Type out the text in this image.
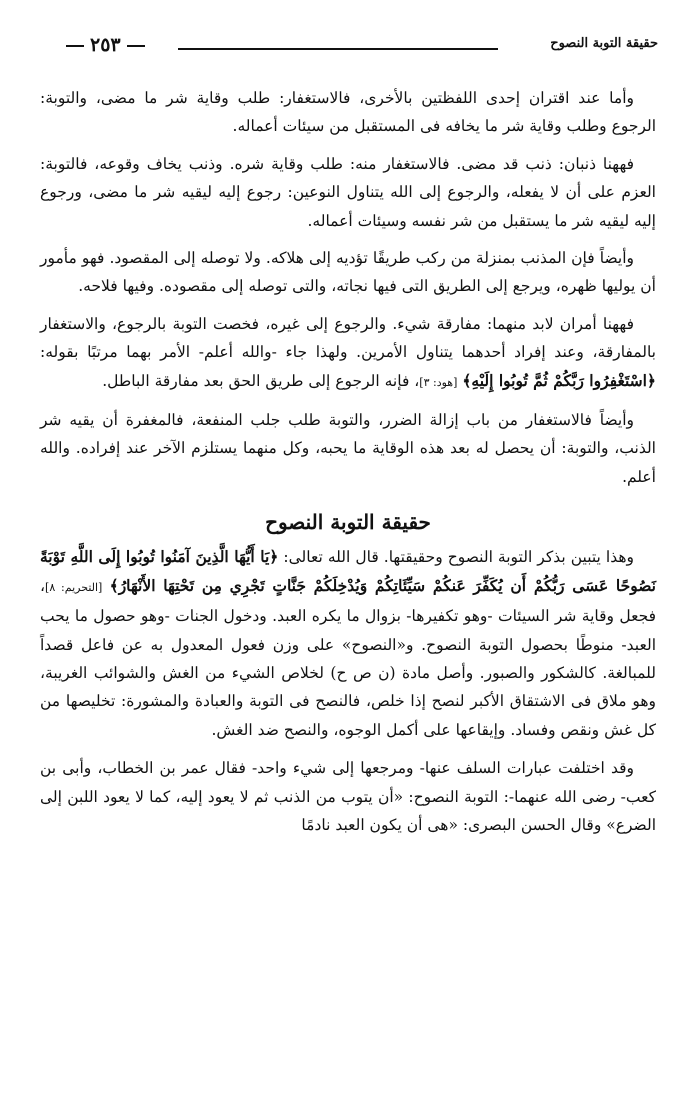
حقيقة التوبة النصوح
٢٥٣

وأما عند اقتران إحدى اللفظتين بالأخرى، فالاستغفار: طلب وقاية شر ما مضى، والتوبة: الرجوع وطلب وقاية شر ما يخافه فى المستقبل من سيئات أعماله.

فههنا ذنبان: ذنب قد مضى. فالاستغفار منه: طلب وقاية شره. وذنب يخاف وقوعه، فالتوبة: العزم على أن لا يفعله، والرجوع إلى الله يتناول النوعين: رجوع إليه ليقيه شر ما مضى، ورجوع إليه ليقيه شر ما يستقبل من شر نفسه وسيئات أعماله.

وأيضاً فإن المذنب بمنزلة من ركب طريقًا تؤديه إلى هلاكه. ولا توصله إلى المقصود. فهو مأمور أن يوليها ظهره، ويرجع إلى الطريق التى فيها نجاته، والتى توصله إلى مقصوده. وفيها فلاحه.

فههنا أمران لابد منهما: مفارقة شيء. والرجوع إلى غيره، فخصت التوبة بالرجوع، والاستغفار بالمفارقة، وعند إفراد أحدهما يتناول الأمرين. ولهذا جاء -والله أعلم- الأمر بهما مرتبًا بقوله: ﴿اسْتَغْفِرُوا رَبَّكُمْ ثُمَّ تُوبُوا إِلَيْهِ﴾ [هود: ٣]، فإنه الرجوع إلى طريق الحق بعد مفارقة الباطل.

وأيضاً فالاستغفار من باب إزالة الضرر، والتوبة طلب جلب المنفعة، فالمغفرة أن يقيه شر الذنب، والتوبة: أن يحصل له بعد هذه الوقاية ما يحبه، وكل منهما يستلزم الآخر عند إفراده. والله أعلم.

حقيقة التوبة النصوح

وهذا يتبين بذكر التوبة النصوح وحقيقتها. قال الله تعالى: ﴿يَا أَيُّهَا الَّذِينَ آمَنُوا تُوبُوا إِلَى اللَّهِ تَوْبَةً نَصُوحًا عَسَى رَبُّكُمْ أَن يُكَفِّرَ عَنكُمْ سَيِّئَاتِكُمْ وَيُدْخِلَكُمْ جَنَّاتٍ تَجْرِي مِن تَحْتِهَا الأَنْهَارُ﴾ [التحريم: ٨]، فجعل وقاية شر السيئات -وهو تكفيرها- بزوال ما يكره العبد. ودخول الجنات -وهو حصول ما يحب العبد- منوطًا بحصول التوبة النصوح. و«النصوح» على وزن فعول المعدول به عن فاعل قصداً للمبالغة. كالشكور والصبور. وأصل مادة (ن ص ح) لخلاص الشيء من الغش والشوائب الغريبة، وهو ملاق فى الاشتقاق الأكبر لنصح إذا خلص، فالنصح فى التوبة والعبادة والمشورة: تخليصها من كل غش ونقص وفساد. وإيقاعها على أكمل الوجوه، والنصح ضد الغش.

وقد اختلفت عبارات السلف عنها- ومرجعها إلى شيء واحد- فقال عمر بن الخطاب، وأبى بن كعب- رضى الله عنهما-: التوبة النصوح: «أن يتوب من الذنب ثم لا يعود إليه، كما لا يعود اللبن إلى الضرع» وقال الحسن البصرى: «هى أن يكون العبد نادمًا
